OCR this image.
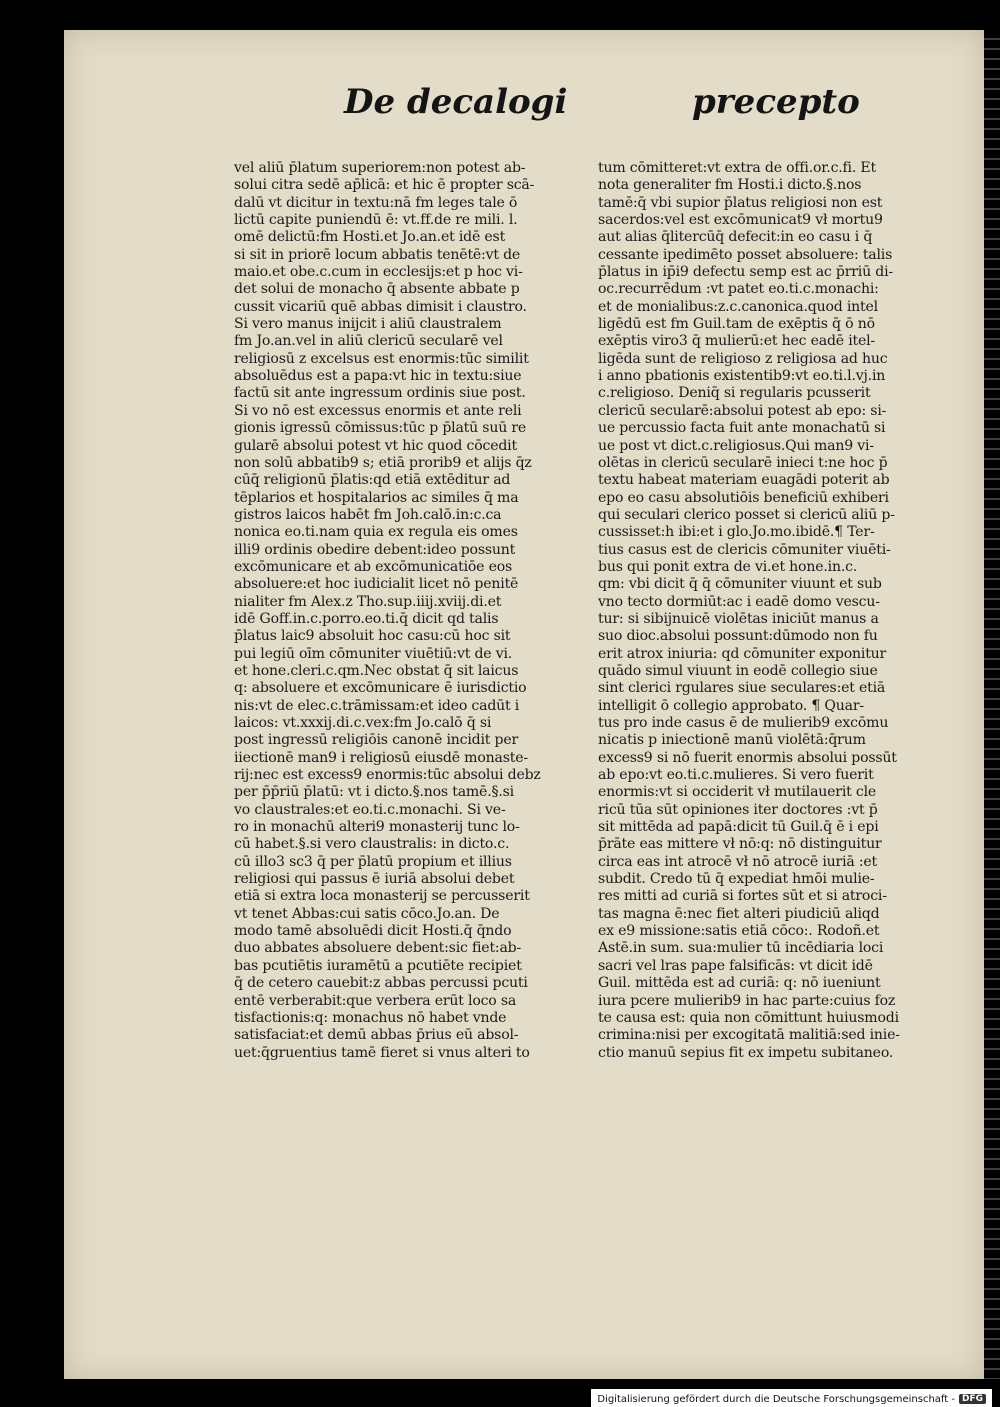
De decalogi	precepto
vel aliū p̄latum superiorem:non potest ab-
solui citra sedē ap̄licā: et hic ē propter scā-
dalū vt dicitur in textu:nā fm leges tale ō
lictū capite puniendū ē: vt.ff.de re mili. l.
omē delictū:fm Hosti.et Jo.an.et idē est
si sit in priorē locum abbatis tenētē:vt de
maio.et obe.c.cum in ecclesijs:et p hoc vi-
det solui de monacho q̄ absente abbate p
cussit vicariū quē abbas dimisit i claustro.
Si vero manus inijcit i aliū claustralem
fm Jo.an.vel in aliū clericū secularē vel
religiosū z excelsus est enormis:tūc similit
absoluēdus est a papa:vt hic in textu:siue
factū sit ante ingressum ordinis siue post.
Si vo nō est excessus enormis et ante reli
gionis igressū cōmissus:tūc p p̄latū suū re
gularē absolui potest vt hic quod cōcedit
non solū abbatib9 s; etiā prorib9 et alijs q̄z
cūq̄ religionū p̄latis:qd etiā extēditur ad
tēplarios et hospitalarios ac similes q̄ ma
gistros laicos habēt fm Joh.calō.in:c.ca
nonica eo.ti.nam quia ex regula eis omes
illi9 ordinis obedire debent:ideo possunt
excōmunicare et ab excōmunicatiōe eos
absoluere:et hoc iudicialit licet nō penitē
nialiter fm Alex.z Tho.sup.iiij.xviij.di.et
idē Goff.in.c.porro.eo.ti.q̄ dicit qd talis
p̄latus laic9 absoluit hoc casu:cū hoc sit
pui legiū oīm cōmuniter viuētiū:vt de vi.
et hone.cleri.c.qm.Nec obstat q̄ sit laicus
q: absoluere et excōmunicare ē iurisdictio
nis:vt de elec.c.trāmissam:et ideo cadūt i
laicos: vt.xxxij.di.c.vex:fm Jo.calō q̄ si
post ingressū religiōis canonē incidit per
iiectionē man9 i religiosū eiusdē monaste-
rij:nec est excess9 enormis:tūc absolui debz
per p̄p̄riū p̄latū: vt i dicto.§.nos tamē.§.si
vo claustrales:et eo.ti.c.monachi. Si ve-
ro in monachū alteri9 monasterij tunc lo-
cū habet.§.si vero claustralis: in dicto.c.
cū illo3 sc3 q̄ per p̄latū propium et illius
religiosi qui passus ē iuriā absolui debet
etiā si extra loca monasterij se percusserit
vt tenet Abbas:cui satis cōco.Jo.an. De
modo tamē absoluēdi dicit Hosti.q̄ q̄ndo
duo abbates absoluere debent:sic fiet:ab-
bas pcutiētis iuramētū a pcutiēte recipiet
q̄ de cetero cauebit:z abbas percussi pcuti
entē verberabit:que verbera erūt loco sa
tisfactionis:q: monachus nō habet vnde
satisfaciat:et demū abbas p̄rius eū absol-
uet:q̄gruentius tamē fieret si vnus alteri to
tum cōmitteret:vt extra de offi.or.c.fi. Et
nota generaliter fm Hosti.i dicto.§.nos
tamē:q̄ vbi supior p̄latus religiosi non est
sacerdos:vel est excōmunicat9 vł mortu9
aut alias q̄litercūq̄ defecit:in eo casu i q̄
cessante ipedimēto posset absoluere: talis
p̄latus in ip̄i9 defectu semp est ac p̄rriū di-
oc.recurrēdum :vt patet eo.ti.c.monachi:
et de monialibus:z.c.canonica.quod intel
ligēdū est fm Guil.tam de exēptis q̄ ō nō
exēptis viro3 q̄ mulierū:et hec eadē itel-
ligēda sunt de religioso z religiosa ad huc
i anno pbationis existentib9:vt eo.ti.l.vj.in
c.religioso. Deniq̄ si regularis pcusserit
clericū secularē:absolui potest ab epo: si-
ue percussio facta fuit ante monachatū si
ue post vt dict.c.religiosus.Qui man9 vi-
olētas in clericū secularē inieci t:ne hoc p̄
textu habeat materiam euagādi poterit ab
epo eo casu absolutiōis beneficiū exhiberi
qui seculari clerico posset si clericū aliū p-
cussisset:h ibi:et i glo.Jo.mo.ibidē.¶ Ter-
tius casus est de clericis cōmuniter viuēti-
bus qui ponit extra de vi.et hone.in.c.
qm: vbi dicit q̄ q̄ cōmuniter viuunt et sub
vno tecto dormiūt:ac i eadē domo vescu-
tur: si sibijnuicē violētas iniciūt manus a
suo dioc.absolui possunt:dūmodo non fu
erit atrox iniuria: qd cōmuniter exponitur
quādo simul viuunt in eodē collegio siue
sint clerici rgulares siue seculares:et etiā
intelligit ō collegio approbato. ¶ Quar-
tus pro inde casus ē de mulierib9 excōmu
nicatis p iniectionē manū violētā:q̄rum
excess9 si nō fuerit enormis absolui possūt
ab epo:vt eo.ti.c.mulieres. Si vero fuerit
enormis:vt si occiderit vł mutilauerit cle
ricū tūa sūt opiniones iter doctores :vt p̄
sit mittēda ad papā:dicit tū Guil.q̄ ē i epi
p̄rāte eas mittere vł nō:q: nō distinguitur
circa eas int atrocē vł nō atrocē iuriā :et
subdit. Credo tū q̄ expediat hmōi mulie-
res mitti ad curiā si fortes sūt et si atroci-
tas magna ē:nec fiet alteri piudiciū aliqd
ex e9 missione:satis etiā cōco:. Rodoñ.et
Astē.in sum. sua:mulier tū incēdiaria loci
sacri vel lras pape falsificās: vt dicit idē
Guil. mittēda est ad curiā: q: nō iueniunt
iura pcere mulierib9 in hac parte:cuius foz
te causa est: quia non cōmittunt huiusmodi
crimina:nisi per excogitatā malitiā:sed inie-
ctio manuū sepius fit ex impetu subitaneo.
Digitalisierung gefördert durch die Deutsche Forschungsgemeinschaft - DFG
